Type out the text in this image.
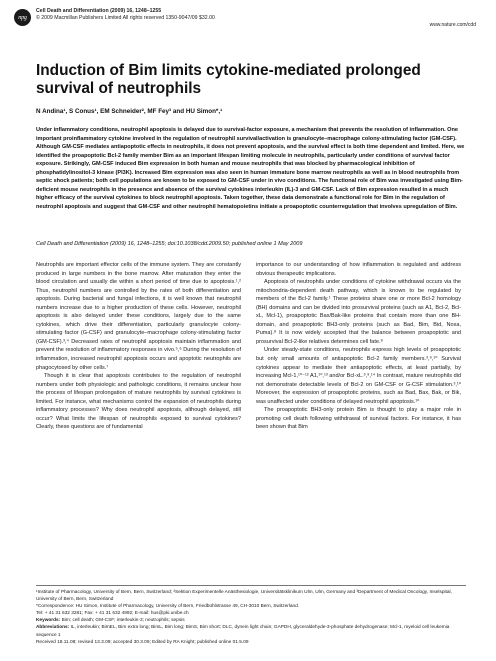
npg
Cell Death and Differentiation (2009) 16, 1248–1255
© 2009 Macmillan Publishers Limited All rights reserved 1350-9047/09 $32.00
www.nature.com/cdd
Induction of Bim limits cytokine-mediated prolonged survival of neutrophils
N Andina¹, S Conus¹, EM Schneider², MF Fey³ and HU Simon*,¹

Under inflammatory conditions, neutrophil apoptosis is delayed due to survival-factor exposure, a mechanism that prevents the resolution of inflammation. One important proinflammatory cytokine involved in the regulation of neutrophil survival/activation is granulocyte–macrophage colony-stimulating factor (GM-CSF). Although GM-CSF mediates antiapoptotic effects in neutrophils, it does not prevent apoptosis, and the survival effect is both time dependent and limited. Here, we identified the proapoptotic Bcl-2 family member Bim as an important lifespan limiting molecule in neutrophils, particularly under conditions of survival factor exposure. Strikingly, GM-CSF induced Bim expression in both human and mouse neutrophils that was blocked by pharmacological inhibition of phosphatidylinositol-3 kinase (PI3K). Increased Bim expression was also seen in human immature bone marrow neutrophils as well as in blood neutrophils from septic shock patients; both cell populations are known to be exposed to GM-CSF under in vivo conditions. The functional role of Bim was investigated using Bim-deficient mouse neutrophils in the presence and absence of the survival cytokines interleukin (IL)-3 and GM-CSF. Lack of Bim expression resulted in a much higher efficacy of the survival cytokines to block neutrophil apoptosis. Taken together, these data demonstrate a functional role for Bim in the regulation of neutrophil apoptosis and suggest that GM-CSF and other neutrophil hematopoietins initiate a proapoptotic counterregulation that involves upregulation of Bim.

Cell Death and Differentiation (2009) 16, 1248–1255; doi:10.1038/cdd.2009.50; published online 1 May 2009

Neutrophils are important effector cells of the immune system. They are constantly produced in large numbers in the bone marrow. After maturation they enter the blood circulation and usually die within a short period of time due to apoptosis.¹,² Thus, neutrophil numbers are controlled by the rates of both differentiation and apoptosis. During bacterial and fungal infections, it is well known that neutrophil numbers increase due to a higher production of these cells. However, neutrophil apoptosis is also delayed under these conditions, largely due to the same cytokines, which drive their differentiation, particularly granulocyte colony-stimulating factor (G-CSF) and granulocyte–macrophage colony-stimulating factor (GM-CSF).³,⁴ Decreased rates of neutrophil apoptosis maintain inflammation and prevent the resolution of inflammatory responses in vivo.⁵,⁶ During the resolution of inflammation, increased neutrophil apoptosis occurs and apoptotic neutrophils are phagocytosed by other cells.⁷

Though it is clear that apoptosis contributes to the regulation of neutrophil numbers under both physiologic and pathologic conditions, it remains unclear how the process of lifespan prolongation of mature neutrophils by survival cytokines is limited. For instance, what mechanisms control the expansion of neutrophils during inflammatory processes? Why does neutrophil apoptosis, although delayed, still occur? What limits the lifespan of neutrophils exposed to survival cytokines? Clearly, these questions are of fundamental

importance to our understanding of how inflammation is regulated and address obvious therapeutic implications.

Apoptosis of neutrophils under conditions of cytokine withdrawal occurs via the mitochondria-dependent death pathway, which is known to be regulated by members of the Bcl-2 family.¹ These proteins share one or more Bcl-2 homology (BH) domains and can be divided into prosurvival proteins (such as A1, Bcl-2, Bcl-xL, Mcl-1), proapoptotic Bax/Bak-like proteins that contain more than one BH-domain, and proapoptotic BH3-only proteins (such as Bad, Bim, Bid, Noxa, Puma).⁸ It is now widely accepted that the balance between proapoptotic and prosurvival Bcl-2-like relatives determines cell fate.⁸

Under steady-state conditions, neutrophils express high levels of proapoptotic but only small amounts of antiapoptotic Bcl-2 family members.³,⁹,¹⁰ Survival cytokines appear to mediate their antiapoptotic effects, at least partially, by increasing Mcl-1,¹⁰⁻¹² A1,¹⁰,¹³ and/or Bcl-xL.³,⁹,¹⁴ In contrast, mature neutrophils did not demonstrate detectable levels of Bcl-2 on GM-CSF or G-CSF stimulation.³,¹⁰ Moreover, the expression of proapoptotic proteins, such as Bad, Bax, Bak, or Bik, was unaffected under conditions of delayed neutrophil apoptosis.¹⁰

The proapoptotic BH3-only protein Bim is thought to play a major role in promoting cell death following withdrawal of survival factors. For instance, it has been shown that Bim

¹Institute of Pharmacology, University of Bern, Bern, Switzerland; ²Sektion Experimentelle Anästhesiologie, Universitätsklinikum Ulm, Ulm, Germany and ³Department of Medical Oncology, Inselspital, University of Bern, Bern, Switzerland

*Correspondence: HU Simon, Institute of Pharmacology, University of Bern, Friedbühlstrasse 49, CH-3010 Bern, Switzerland.

Tel: + 41 31 632 3281; Fax: + 41 31 632 4992; E-mail: hus@pki.unibe.ch

Keywords: Bim; cell death; GM-CSF; interleukin-3; neutrophils; sepsis

Abbreviations: IL, interleukin; BimEL, Bim extra long; BimL, Bim long; BimS, Bim short; DLC, dynein light chain; GAPDH, glyceraldehyde-3-phosphate dehydrogenase; Mcl-1, myeloid cell leukemia sequence 1

Received 18.11.08; revised 13.3.09; accepted 30.3.09; Edited by RA Knight; published online 01.5.09
